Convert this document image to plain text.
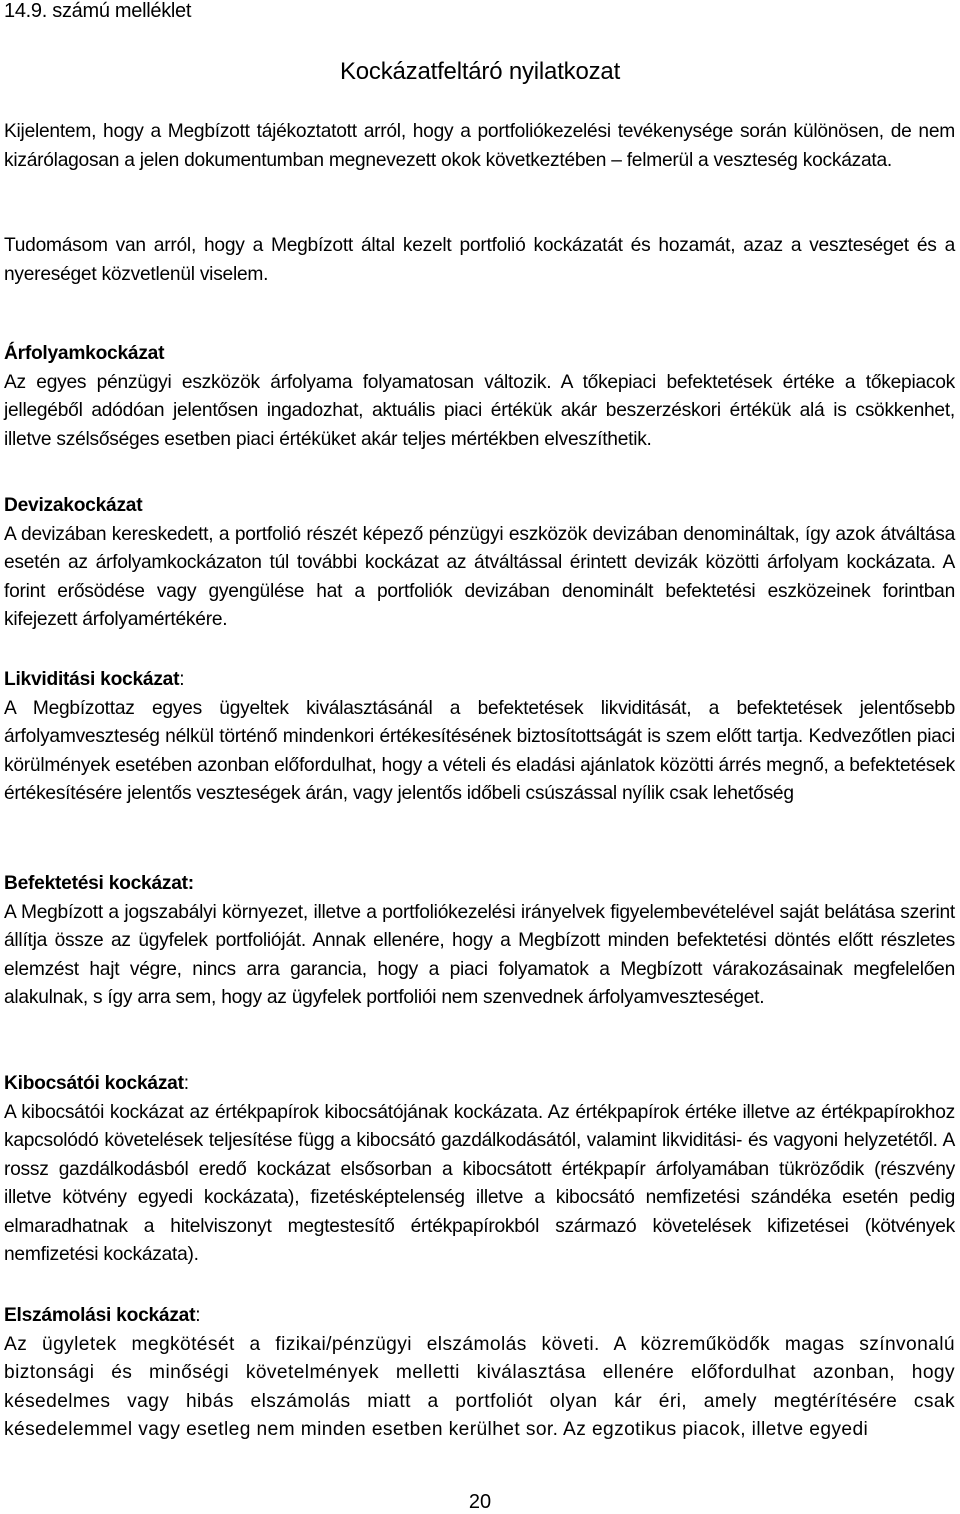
14.9. számú melléklet
Kockázatfeltáró nyilatkozat

Kijelentem, hogy a Megbízott tájékoztatott arról, hogy a portfoliókezelési tevékenysége során különösen, de nem kizárólagosan a jelen dokumentumban megnevezett okok következtében – felmerül a veszteség kockázata.

Tudomásom van arról, hogy a Megbízott által kezelt portfolió kockázatát és hozamát, azaz a veszteséget és a nyereséget közvetlenül viselem.

Árfolyamkockázat

Az egyes pénzügyi eszközök árfolyama folyamatosan változik. A tőkepiaci befektetések értéke a tőkepiacok jellegéből adódóan jelentősen ingadozhat, aktuális piaci értékük akár beszerzéskori értékük alá is csökkenhet, illetve szélsőséges esetben piaci értéküket akár teljes mértékben elveszíthetik.

Devizakockázat

A devizában kereskedett, a portfolió részét képező pénzügyi eszközök devizában denomináltak, így azok átváltása esetén az árfolyamkockázaton túl további kockázat az átváltással érintett devizák közötti árfolyam kockázata. A forint erősödése vagy gyengülése hat a portfoliók devizában denominált befektetési eszközeinek forintban kifejezett árfolyamértékére.

Likviditási kockázat:

A Megbízottaz egyes ügyeltek kiválasztásánál a befektetések likviditását, a befektetések jelentősebb árfolyamveszteség nélkül történő mindenkori értékesítésének biztosítottságát is szem előtt tartja. Kedvezőtlen piaci körülmények esetében azonban előfordulhat, hogy a vételi és eladási ajánlatok közötti árrés megnő, a befektetések értékesítésére jelentős veszteségek árán, vagy jelentős időbeli csúszással nyílik csak lehetőség

Befektetési kockázat:

A Megbízott a jogszabályi környezet, illetve a portfoliókezelési irányelvek figyelembevételével saját belátása szerint állítja össze az ügyfelek portfolióját. Annak ellenére, hogy a Megbízott minden befektetési döntés előtt részletes elemzést hajt végre, nincs arra garancia, hogy a piaci folyamatok a Megbízott várakozásainak megfelelően alakulnak, s így arra sem, hogy az ügyfelek portfoliói nem szenvednek árfolyamveszteséget.

Kibocsátói kockázat:

A kibocsátói kockázat az értékpapírok kibocsátójának kockázata. Az értékpapírok értéke illetve az értékpapírokhoz kapcsolódó követelések teljesítése függ a kibocsátó gazdálkodásától, valamint likviditási- és vagyoni helyzetétől. A rossz gazdálkodásból eredő kockázat elsősorban a kibocsátott értékpapír árfolyamában tükröződik (részvény illetve kötvény egyedi kockázata), fizetésképtelenség illetve a kibocsátó nemfizetési szándéka esetén pedig elmaradhatnak a hitelviszonyt megtestesítő értékpapírokból származó követelések kifizetései (kötvények nemfizetési kockázata).

Elszámolási kockázat:

Az ügyletek megkötését a fizikai/pénzügyi elszámolás követi. A közreműködők magas színvonalú biztonsági és minőségi követelmények melletti kiválasztása ellenére előfordulhat azonban, hogy késedelmes vagy hibás elszámolás miatt a portfoliót olyan kár éri, amely megtérítésére csak késedelemmel vagy esetleg nem minden esetben kerülhet sor. Az egzotikus piacok, illetve egyedi

20
